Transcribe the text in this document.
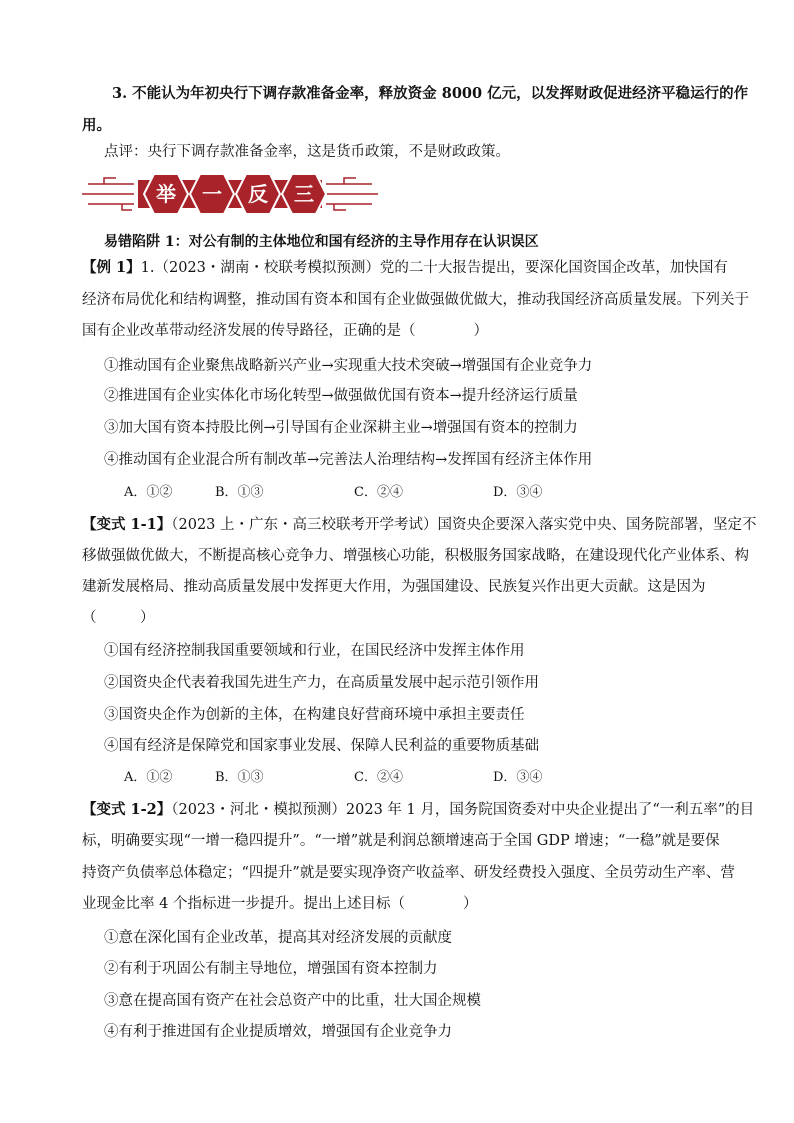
3. 不能认为年初央行下调存款准备金率，释放资金 8000 亿元，以发挥财政促进经济平稳运行的作
用。
点评：央行下调存款准备金率，这是货币政策，不是财政政策。
举 一 反 三
易错陷阱 1：对公有制的主体地位和国有经济的主导作用存在认识误区
【例 1】1.（2023・湖南・校联考模拟预测）党的二十大报告提出，要深化国资国企改革，加快国有
经济布局优化和结构调整，推动国有资本和国有企业做强做优做大，推动我国经济高质量发展。下列关于
国有企业改革带动经济发展的传导路径，正确的是（　　　　）
①推动国有企业聚焦战略新兴产业→实现重大技术突破→增强国有企业竞争力
②推进国有企业实体化市场化转型→做强做优国有资本→提升经济运行质量
③加大国有资本持股比例→引导国有企业深耕主业→增强国有资本的控制力
④推动国有企业混合所有制改革→完善法人治理结构→发挥国有经济主体作用
A．①②	B．①③	C．②④	D．③④
【变式 1-1】（2023 上・广东・高三校联考开学考试）国资央企要深入落实党中央、国务院部署，坚定不
移做强做优做大，不断提高核心竞争力、增强核心功能，积极服务国家战略，在建设现代化产业体系、构
建新发展格局、推动高质量发展中发挥更大作用，为强国建设、民族复兴作出更大贡献。这是因为
（　　　）
①国有经济控制我国重要领域和行业，在国民经济中发挥主体作用
②国资央企代表着我国先进生产力，在高质量发展中起示范引领作用
③国资央企作为创新的主体，在构建良好营商环境中承担主要责任
④国有经济是保障党和国家事业发展、保障人民利益的重要物质基础
A．①②	B．①③	C．②④	D．③④
【变式 1-2】（2023・河北・模拟预测）2023 年 1 月，国务院国资委对中央企业提出了“一利五率”的目
标，明确要实现“一增一稳四提升”。“一增”就是利润总额增速高于全国 GDP 增速；“一稳”就是要保
持资产负债率总体稳定；“四提升”就是要实现净资产收益率、研发经费投入强度、全员劳动生产率、营
业现金比率 4 个指标进一步提升。提出上述目标（　　　　）
①意在深化国有企业改革，提高其对经济发展的贡献度
②有利于巩固公有制主导地位，增强国有资本控制力
③意在提高国有资产在社会总资产中的比重，壮大国企规模
④有利于推进国有企业提质增效，增强国有企业竞争力
